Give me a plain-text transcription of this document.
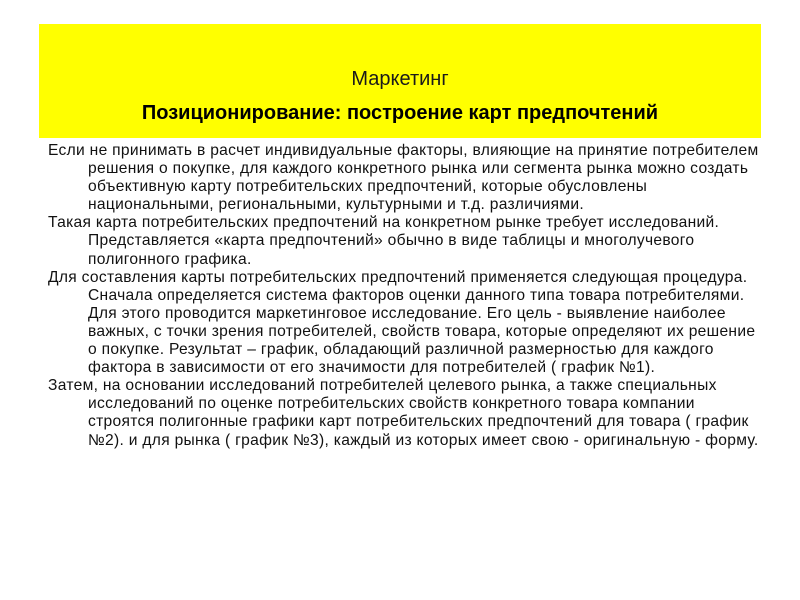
Маркетинг
Позиционирование: построение карт предпочтений

Если не принимать в расчет индивидуальные факторы, влияющие на принятие потребителем решения о покупке, для каждого конкретного рынка или сегмента рынка можно создать объективную карту потребительских предпочтений, которые обусловлены национальными, региональными, культурными и т.д. различиями.

Такая карта потребительских предпочтений на конкретном рынке требует исследований. Представляется «карта предпочтений» обычно в виде таблицы и многолучевого полигонного графика.

Для составления карты потребительских предпочтений применяется следующая процедура. Сначала определяется система факторов оценки данного типа товара потребителями. Для этого проводится маркетинговое исследование. Его цель - выявление наиболее важных, с точки зрения потребителей, свойств товара, которые определяют их решение о покупке. Результат – график, обладающий различной размерностью для каждого фактора в зависимости от его значимости для потребителей ( график №1).

Затем, на основании исследований потребителей целевого рынка, а также специальных исследований по оценке потребительских свойств конкретного товара компании строятся полигонные графики карт потребительских предпочтений для товара ( график №2). и для рынка ( график №3), каждый из которых имеет свою - оригинальную - форму.
